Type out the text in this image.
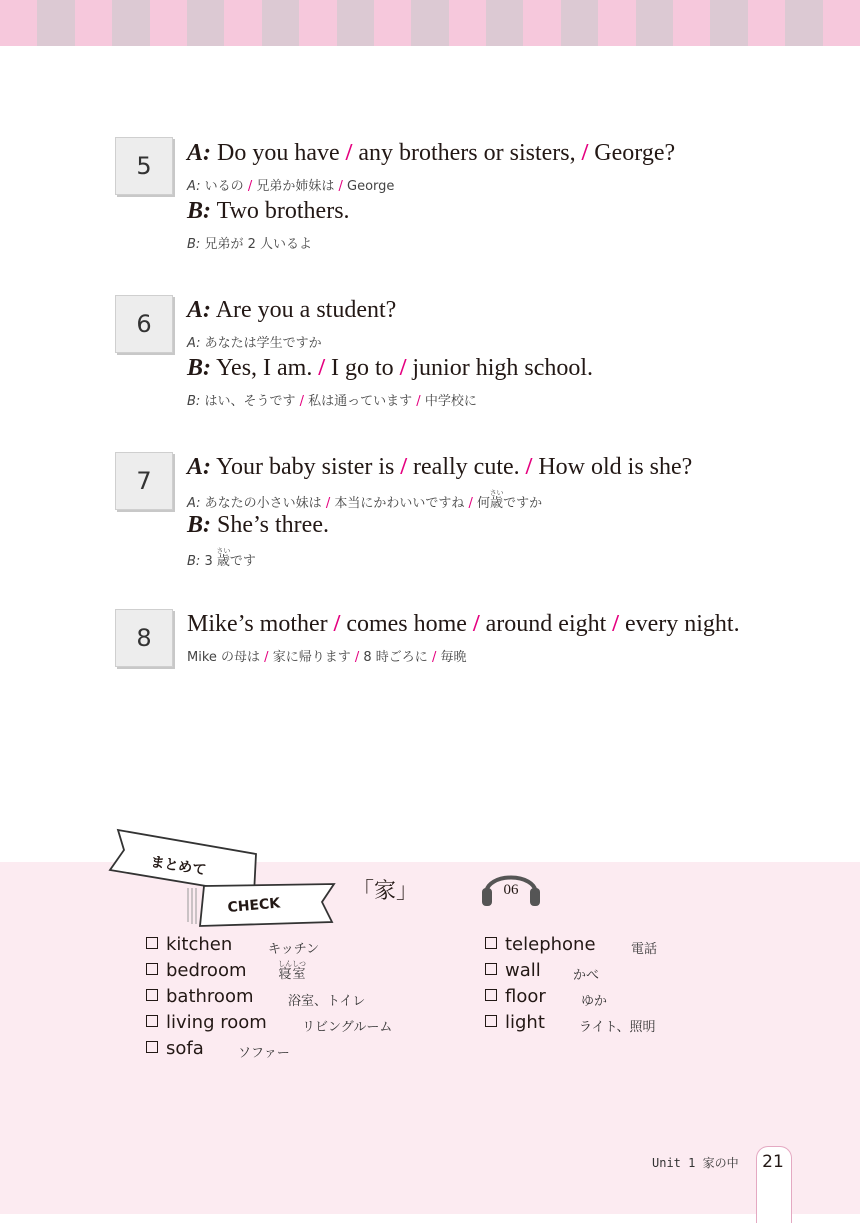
5	A: Do you have / any brothers or sisters, / George?
A: いるの / 兄弟か姉妹は / George
B: Two brothers.
B: 兄弟が 2 人いるよ
6	A: Are you a student?
A: あなたは学生ですか
B: Yes, I am. / I go to / junior high school.
B: はい、そうです / 私は通っています / 中学校に
7	A: Your baby sister is / really cute. / How old is she?
A: あなたの小さい妹は / 本当にかわいいですね / 何歳さいですか
B: She’s three.
B: 3 歳さいです
8	Mike’s mother / comes home / around eight / every night.
Mike の母は / 家に帰ります / 8 時ごろに / 毎晩
まとめて
CHECK
「家」	06
kitchen	キッチン
bedroom 寝室しんしつ
bathroom	浴室、トイレ
living room	リビングルーム
sofa	ソファー
telephone	電話
wall かべ
floor	ゆか
light	ライト、照明
Unit 1 家の中	21
